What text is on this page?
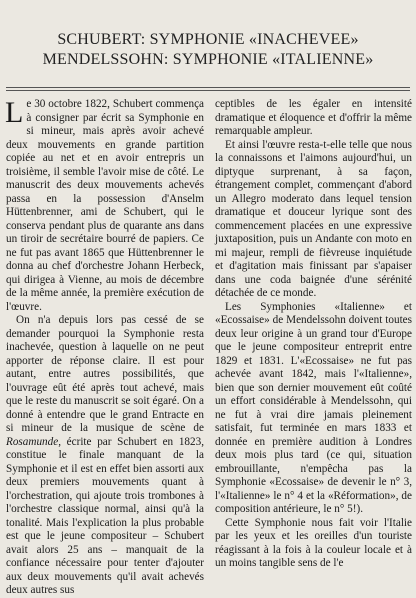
SCHUBERT: SYMPHONIE «INACHEVEE»
MENDELSSOHN: SYMPHONIE «ITALIENNE»
L e 30 octobre 1822, Schubert commença à consigner par écrit sa Symphonie en si mineur, mais après avoir achevé deux mouvements en grande partition copiée au net et en avoir entrepris un troisième, il semble l'avoir mise de côté. Le manuscrit des deux mouvements achevés passa en la possession d'Anselm Hüttenbrenner, ami de Schubert, qui le conserva pendant plus de quarante ans dans un tiroir de secrétaire bourré de papiers. Ce ne fut pas avant 1865 que Hüttenbrenner le donna au chef d'orchestre Johann Herbeck, qui dirigea à Vienne, au mois de décembre de la même année, la première exécution de l'œuvre.
On n'a depuis lors pas cessé de se demander pourquoi la Symphonie resta inachevée, question à laquelle on ne peut apporter de réponse claire. Il est pour autant, entre autres possibilités, que l'ouvrage eût été après tout achevé, mais que le reste du manuscrit se soit égaré. On a donné à entendre que le grand Entracte en si mineur de la musique de scène de Rosamunde, écrite par Schubert en 1823, constitue le finale manquant de la Symphonie et il est en effet bien assorti aux deux premiers mouvements quant à l'orchestration, qui ajoute trois trombones à l'orchestre classique normal, ainsi qu'à la tonalité. Mais l'explication la plus probable est que le jeune compositeur – Schubert avait alors 25 ans – manquait de la confiance nécessaire pour tenter d'ajouter aux deux mouvements qu'il avait achevés deux autres sus
ceptibles de les égaler en intensité dramatique et éloquence et d'offrir la même remarquable ampleur.
Et ainsi l'œuvre resta-t-elle telle que nous la connaissons et l'aimons aujourd'hui, un diptyque surprenant, à sa façon, étrangement complet, commençant d'abord un Allegro moderato dans lequel tension dramatique et douceur lyrique sont des commencement placées en une expressive juxtaposition, puis un Andante con moto en mi majeur, rempli de fièvreuse inquiétude et d'agitation mais finissant par s'apaiser dans une coda baignée d'une sérénité détachée de ce monde.
Les Symphonies «Italienne» et «Ecossaise» de Mendelssohn doivent toutes deux leur origine à un grand tour d'Europe que le jeune compositeur entreprit entre 1829 et 1831. L'«Ecossaise» ne fut pas achevée avant 1842, mais l'«Italienne», bien que son dernier mouvement eût coûté un effort considérable à Mendelssohn, qui ne fut à vrai dire jamais pleinement satisfait, fut terminée en mars 1833 et donnée en première audition à Londres deux mois plus tard (ce qui, situation embrouillante, n'empêcha pas la Symphonie «Ecossaise» de devenir le n° 3, l'«Italienne» le n° 4 et la «Réformation», de composition antérieure, le n° 5!).
Cette Symphonie nous fait voir l'Italie par les yeux et les oreilles d'un touriste réagissant à la fois à la couleur locale et à un moins tangible sens de l'e
